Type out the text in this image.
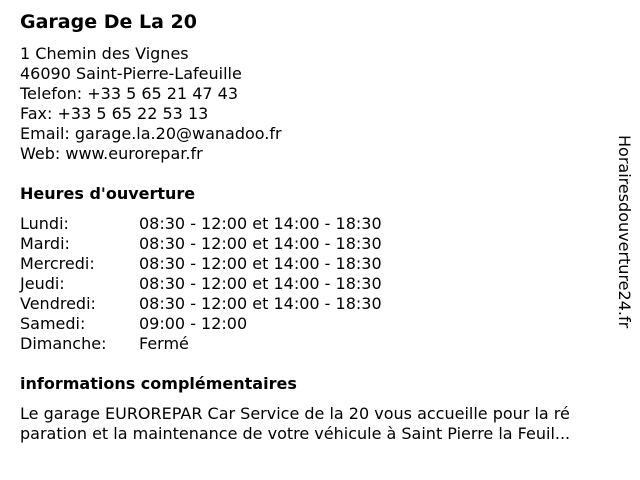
Garage De La 20
1 Chemin des Vignes
46090 Saint-Pierre-Lafeuille
Telefon: +33 5 65 21 47 43
Fax: +33 5 65 22 53 13
Email: garage.la.20@wanadoo.fr
Web: www.eurorepar.fr
Heures d'ouverture
Lundi:	08:30 - 12:00 et 14:00 - 18:30
Mardi:	08:30 - 12:00 et 14:00 - 18:30
Mercredi:	08:30 - 12:00 et 14:00 - 18:30
Jeudi:	08:30 - 12:00 et 14:00 - 18:30
Vendredi:	08:30 - 12:00 et 14:00 - 18:30
Samedi:	09:00 - 12:00
Dimanche: Fermé
informations complémentaires
Le garage EUROREPAR Car Service de la 20 vous accueille pour la ré
paration et la maintenance de votre véhicule à Saint Pierre la Feuil...
Horairesdouverture24.fr
